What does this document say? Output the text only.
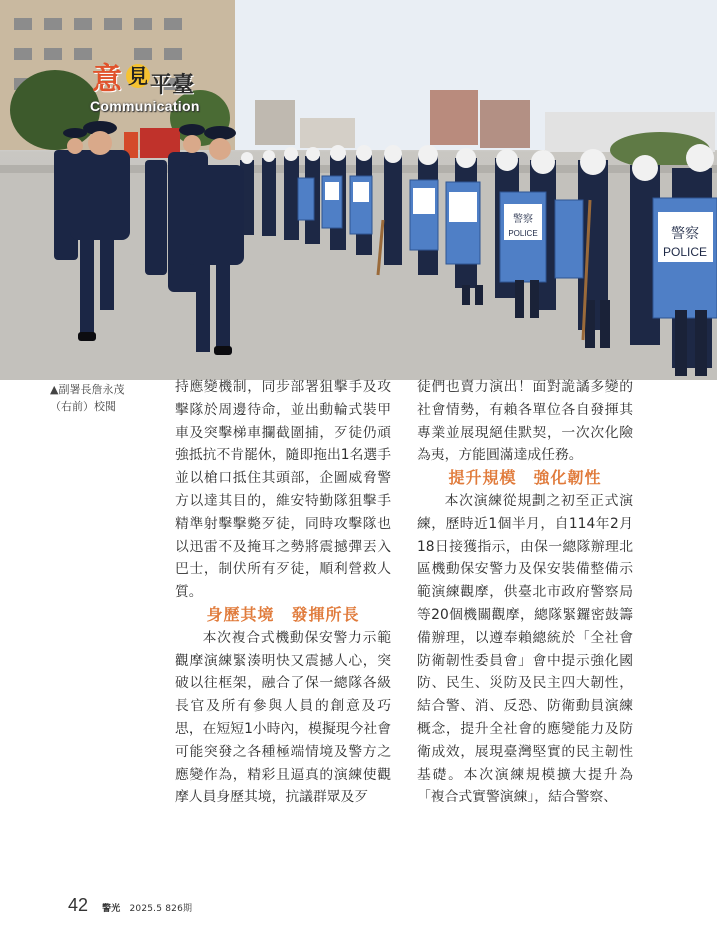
警察
POLICE
警察
POLICE
意 見 平臺
Communication
▲副署長詹永茂
（右前）校閱

持應變機制，同步部署狙擊手及攻擊隊於周邊待命，並出動輪式裝甲車及突擊梯車攔截圍捕，歹徒仍頑強抵抗不肯罷休，隨即拖出1名選手並以槍口抵住其頭部，企圖威脅警方以達其目的，維安特勤隊狙擊手精準射擊擊斃歹徒，同時攻擊隊也以迅雷不及掩耳之勢將震撼彈丟入巴士，制伏所有歹徒，順利營救人質。

身歷其境　發揮所長

本次複合式機動保安警力示範觀摩演練緊湊明快又震撼人心，突破以往框架，融合了保一總隊各級長官及所有參與人員的創意及巧思，在短短1小時內，模擬現今社會可能突發之各種極端情境及警方之應變作為，精彩且逼真的演練使觀摩人員身歷其境，抗議群眾及歹

徒們也賣力演出！面對詭譎多變的社會情勢，有賴各單位各自發揮其專業並展現絕佳默契，一次次化險為夷，方能圓滿達成任務。

提升規模　強化韌性

本次演練從規劃之初至正式演練，歷時近1個半月，自114年2月18日接獲指示，由保一總隊辦理北區機動保安警力及保安裝備整備示範演練觀摩，供臺北市政府警察局等20個機關觀摩，總隊緊鑼密鼓籌備辦理，以遵奉賴總統於「全社會防衛韌性委員會」會中提示強化國防、民生、災防及民主四大韌性，結合警、消、反恐、防衛動員演練概念，提升全社會的應變能力及防衛成效，展現臺灣堅實的民主韌性基礎。本次演練規模擴大提升為「複合式實警演練」，結合警察、

42 警光 2025.5 826期
